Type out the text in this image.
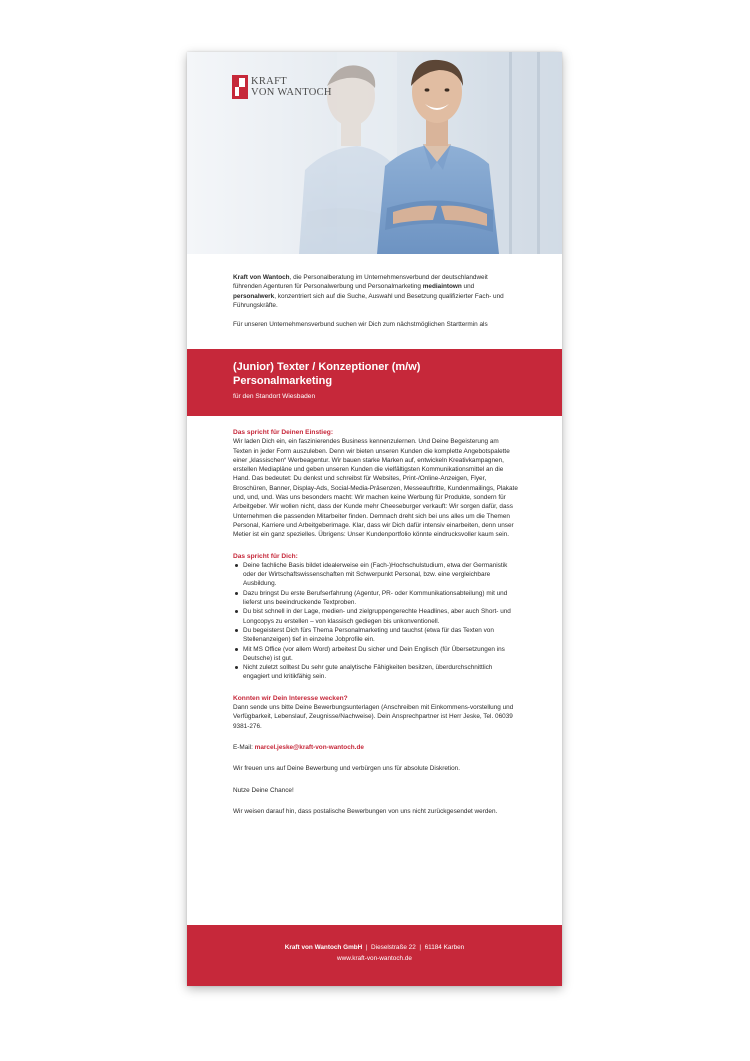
KRAFT
VON WANTOCH

Kraft von Wantoch, die Personalberatung im Unternehmensverbund der deutschlandweit führenden Agenturen für Personalwerbung und Personalmarketing mediaintown und personalwerk, konzentriert sich auf die Suche, Auswahl und Besetzung qualifizierter Fach- und Führungskräfte.

Für unseren Unternehmensverbund suchen wir Dich zum nächstmöglichen Starttermin als

(Junior) Texter / Konzeptioner (m/w)
Personalmarketing
für den Standort Wiesbaden
Das spricht für Deinen Einstieg:
Wir laden Dich ein, ein faszinierendes Business kennenzulernen. Und Deine Begeisterung am Texten in jeder Form auszuleben. Denn wir bieten unseren Kunden die komplette Angebotspalette einer „klassischen“ Werbeagentur. Wir bauen starke Marken auf, entwickeln Kreativkampagnen, erstellen Mediapläne und geben unseren Kunden die vielfältigsten Kommunikationsmittel an die Hand. Das bedeutet: Du denkst und schreibst für Websites, Print-/Online-Anzeigen, Flyer, Broschüren, Banner, Display-Ads, Social-Media-Präsenzen, Messeauftritte, Kundenmailings, Plakate und, und, und. Was uns besonders macht: Wir machen keine Werbung für Produkte, sondern für Arbeitgeber. Wir wollen nicht, dass der Kunde mehr Cheeseburger verkauft: Wir sorgen dafür, dass Unternehmen die passenden Mitarbeiter finden. Demnach dreht sich bei uns alles um die Themen Personal, Karriere und Arbeitgeberimage. Klar, dass wir Dich dafür intensiv einarbeiten, denn unser Metier ist ein ganz spezielles. Übrigens: Unser Kundenportfolio könnte eindrucksvoller kaum sein.
Das spricht für Dich:
Deine fachliche Basis bildet idealerweise ein (Fach-)Hochschulstudium, etwa der Germanistik oder der Wirtschaftswissenschaften mit Schwerpunkt Personal, bzw. eine vergleichbare Ausbildung.
Dazu bringst Du erste Berufserfahrung (Agentur, PR- oder Kommunikationsabteilung) mit und lieferst uns beeindruckende Textproben.
Du bist schnell in der Lage, medien- und zielgruppengerechte Headlines, aber auch Short- und Longcopys zu erstellen – von klassisch gediegen bis unkonventionell.
Du begeisterst Dich fürs Thema Personalmarketing und tauchst (etwa für das Texten von Stellenanzeigen) tief in einzelne Jobprofile ein.
Mit MS Office (vor allem Word) arbeitest Du sicher und Dein Englisch (für Übersetzungen ins Deutsche) ist gut.
Nicht zuletzt solltest Du sehr gute analytische Fähigkeiten besitzen, überdurchschnittlich engagiert und kritikfähig sein.
Konnten wir Dein Interesse wecken?
Dann sende uns bitte Deine Bewerbungsunterlagen (Anschreiben mit Einkommens-vorstellung und Verfügbarkeit, Lebenslauf, Zeugnisse/Nachweise). Dein Ansprechpartner ist Herr Jeske, Tel. 06039 9381-276.
E-Mail: marcel.jeske@kraft-von-wantoch.de
Wir freuen uns auf Deine Bewerbung und verbürgen uns für absolute Diskretion.
Nutze Deine Chance!
Wir weisen darauf hin, dass postalische Bewerbungen von uns nicht zurückgesendet werden.
Kraft von Wantoch GmbH  |  Dieselstraße 22  |  61184 Karben
www.kraft-von-wantoch.de
